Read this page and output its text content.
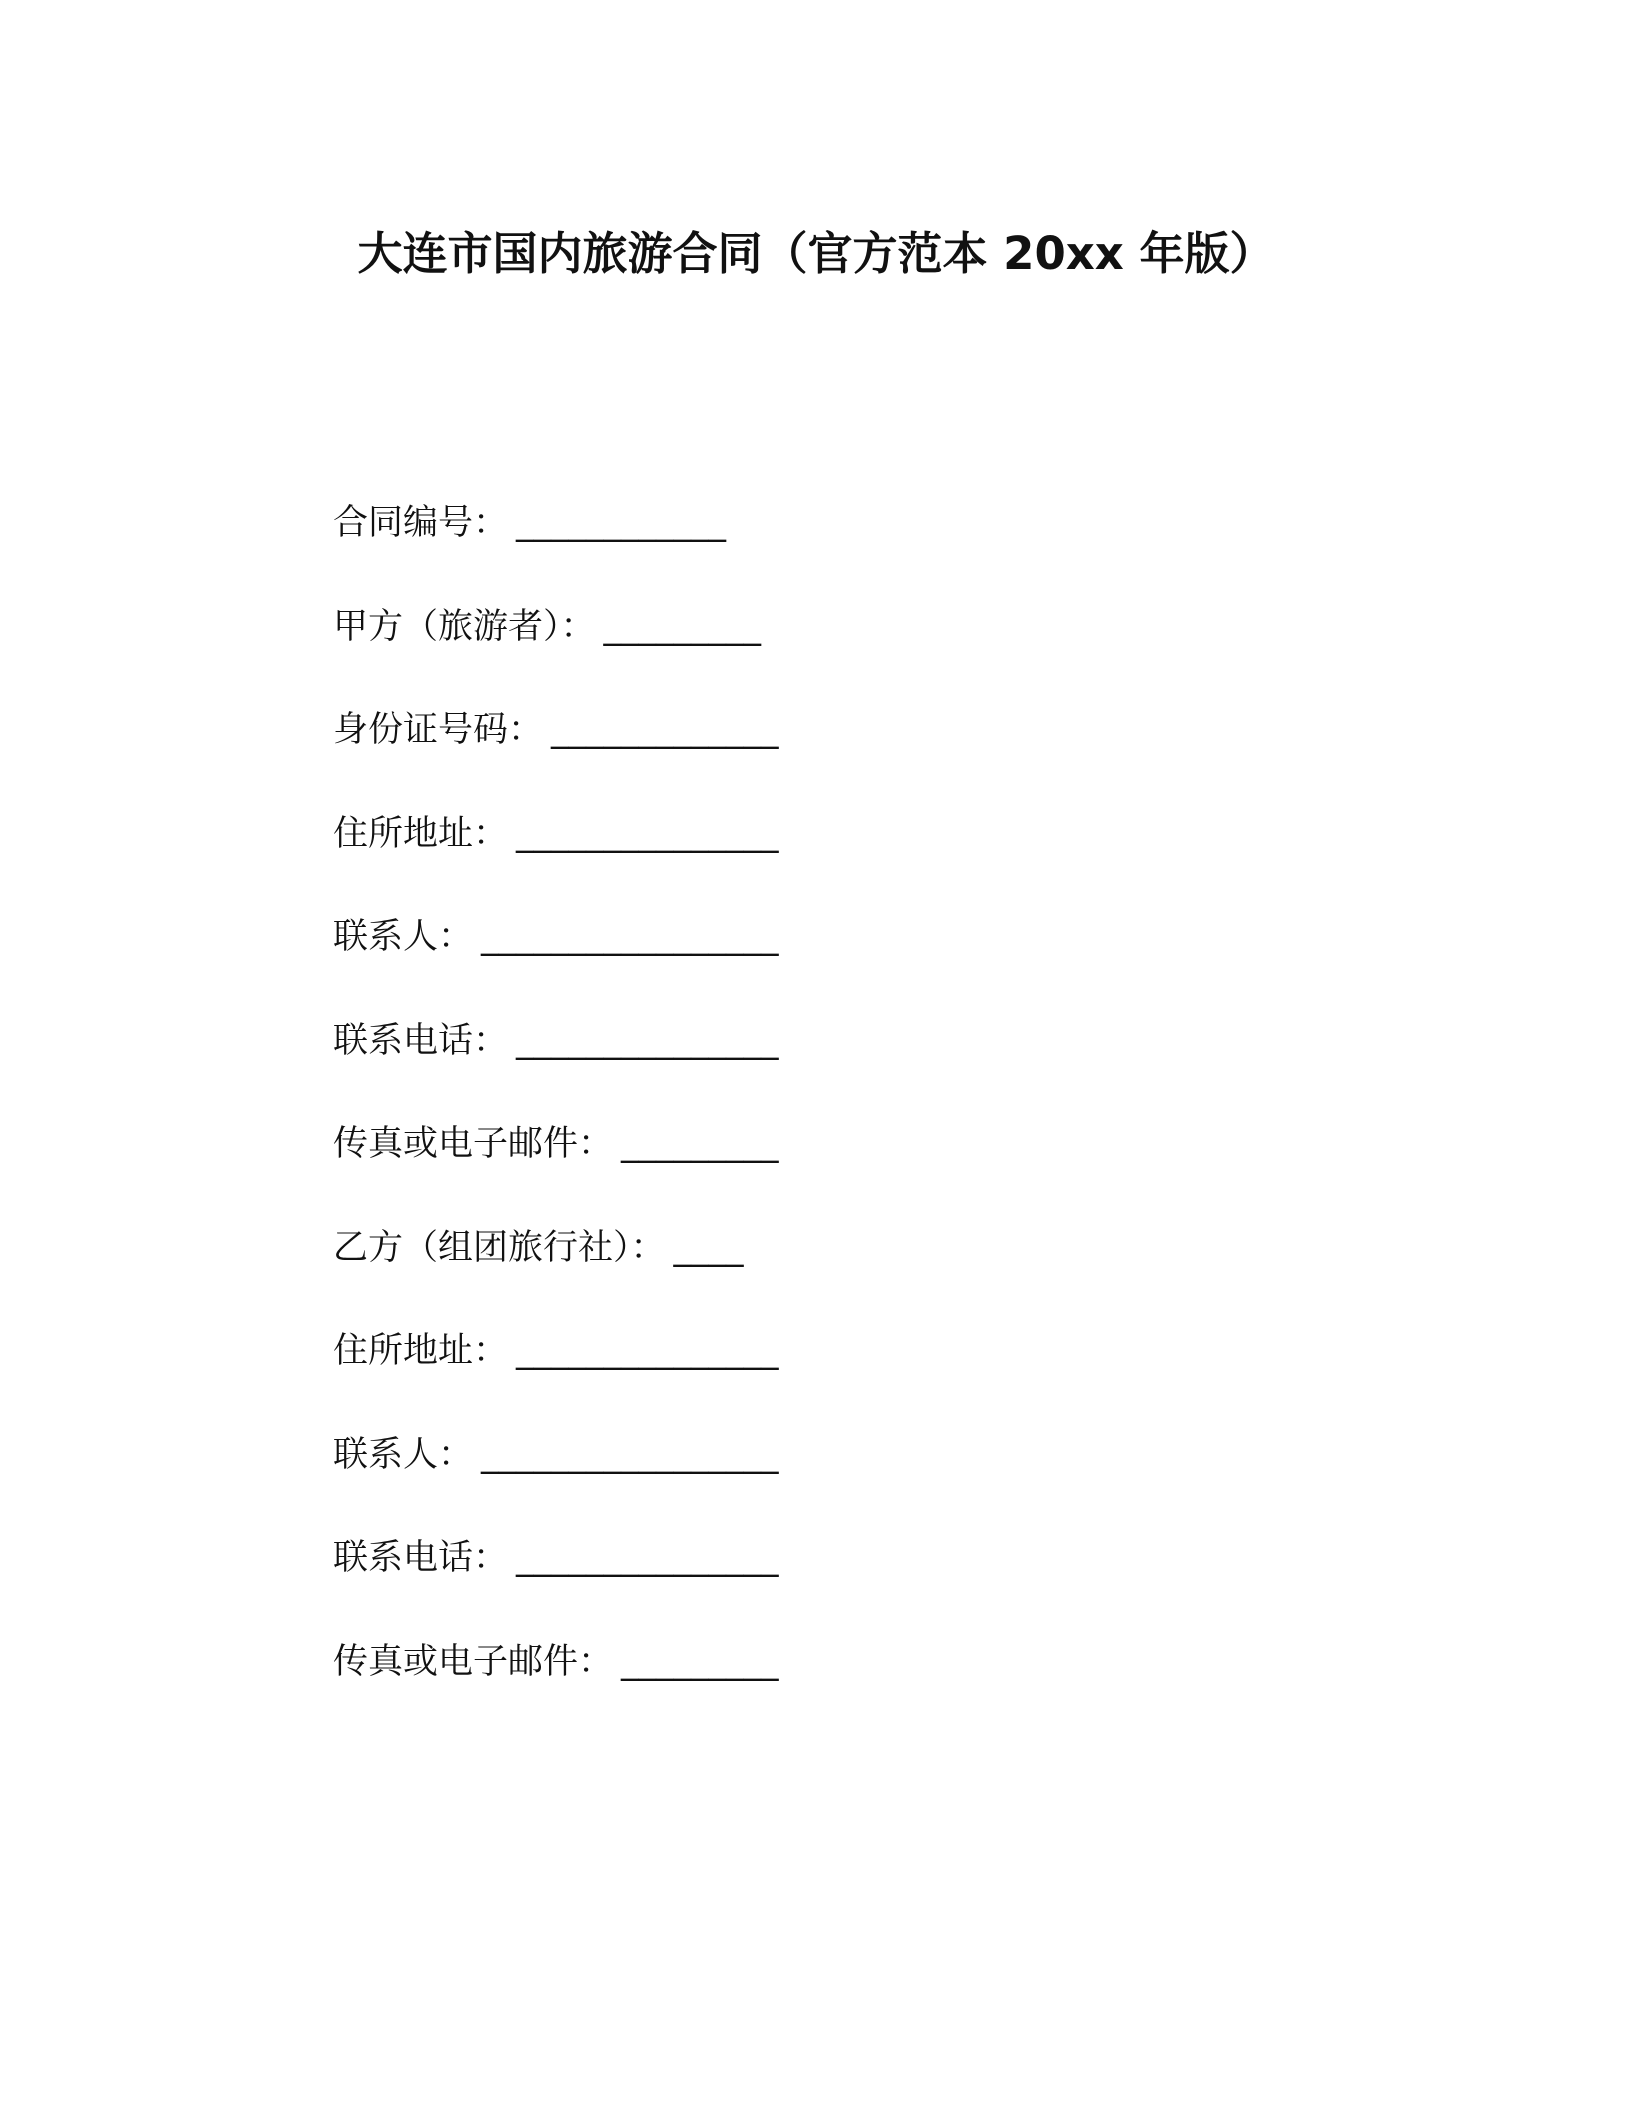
大连市国内旅游合同（官方范本 20xx 年版）
合同编号： ____________
甲方（旅游者）： _________
身份证号码： _____________
住所地址： _______________
联系人： _________________
联系电话： _______________
传真或电子邮件： _________
乙方（组团旅行社）： ____
住所地址： _______________
联系人： _________________
联系电话： _______________
传真或电子邮件： _________
